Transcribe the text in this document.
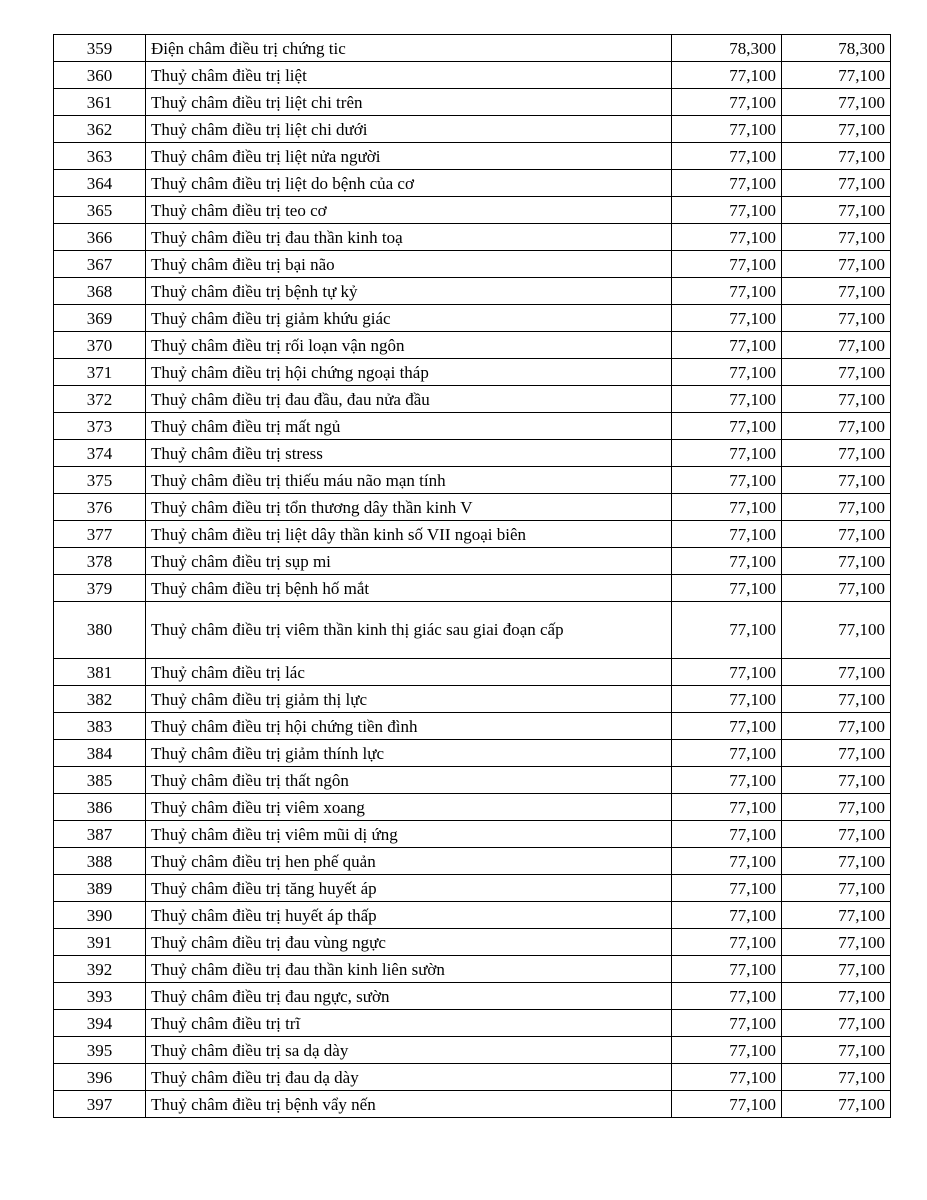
359	Điện châm điều trị chứng tic	78,300	78,300
360	Thuỷ châm điều trị liệt	77,100	77,100
361	Thuỷ châm điều trị liệt chi trên	77,100	77,100
362	Thuỷ châm điều trị liệt chi dưới	77,100	77,100
363	Thuỷ châm điều trị liệt nửa người	77,100	77,100
364	Thuỷ châm điều trị liệt do bệnh của cơ	77,100	77,100
365	Thuỷ châm điều trị teo cơ	77,100	77,100
366	Thuỷ châm điều trị đau thần kinh toạ	77,100	77,100
367	Thuỷ châm điều trị bại não	77,100	77,100
368	Thuỷ châm điều trị bệnh tự kỷ	77,100	77,100
369	Thuỷ châm điều trị giảm khứu giác	77,100	77,100
370	Thuỷ châm điều trị rối loạn vận ngôn	77,100	77,100
371	Thuỷ châm điều trị hội chứng ngoại tháp	77,100	77,100
372	Thuỷ châm điều trị đau đầu, đau nửa đầu	77,100	77,100
373	Thuỷ châm điều trị mất ngủ	77,100	77,100
374	Thuỷ châm điều trị stress	77,100	77,100
375	Thuỷ châm điều trị thiếu máu não mạn tính	77,100	77,100
376	Thuỷ châm điều trị tổn thương dây thần kinh V	77,100	77,100
377	Thuỷ châm điều trị liệt dây thần kinh số VII ngoại biên	77,100	77,100
378	Thuỷ châm điều trị sụp mi	77,100	77,100
379	Thuỷ châm điều trị bệnh hố mắt	77,100	77,100
380	Thuỷ châm điều trị viêm thần kinh thị giác sau giai đoạn cấp	77,100	77,100
381	Thuỷ châm điều trị lác	77,100	77,100
382	Thuỷ châm điều trị giảm thị lực	77,100	77,100
383	Thuỷ châm điều trị hội chứng tiền đình	77,100	77,100
384	Thuỷ châm điều trị giảm thính lực	77,100	77,100
385	Thuỷ châm điều trị thất ngôn	77,100	77,100
386	Thuỷ châm điều trị viêm xoang	77,100	77,100
387	Thuỷ châm điều trị viêm mũi dị ứng	77,100	77,100
388	Thuỷ châm điều trị hen phế quản	77,100	77,100
389	Thuỷ châm điều trị tăng huyết áp	77,100	77,100
390	Thuỷ châm điều trị huyết áp thấp	77,100	77,100
391	Thuỷ châm điều trị đau vùng ngực	77,100	77,100
392	Thuỷ châm điều trị đau thần kinh liên sườn	77,100	77,100
393	Thuỷ châm điều trị đau ngực, sườn	77,100	77,100
394	Thuỷ châm điều trị trĩ	77,100	77,100
395	Thuỷ châm điều trị sa dạ dày	77,100	77,100
396	Thuỷ châm điều trị đau dạ dày	77,100	77,100
397	Thuỷ châm điều trị bệnh vẩy nến	77,100	77,100
